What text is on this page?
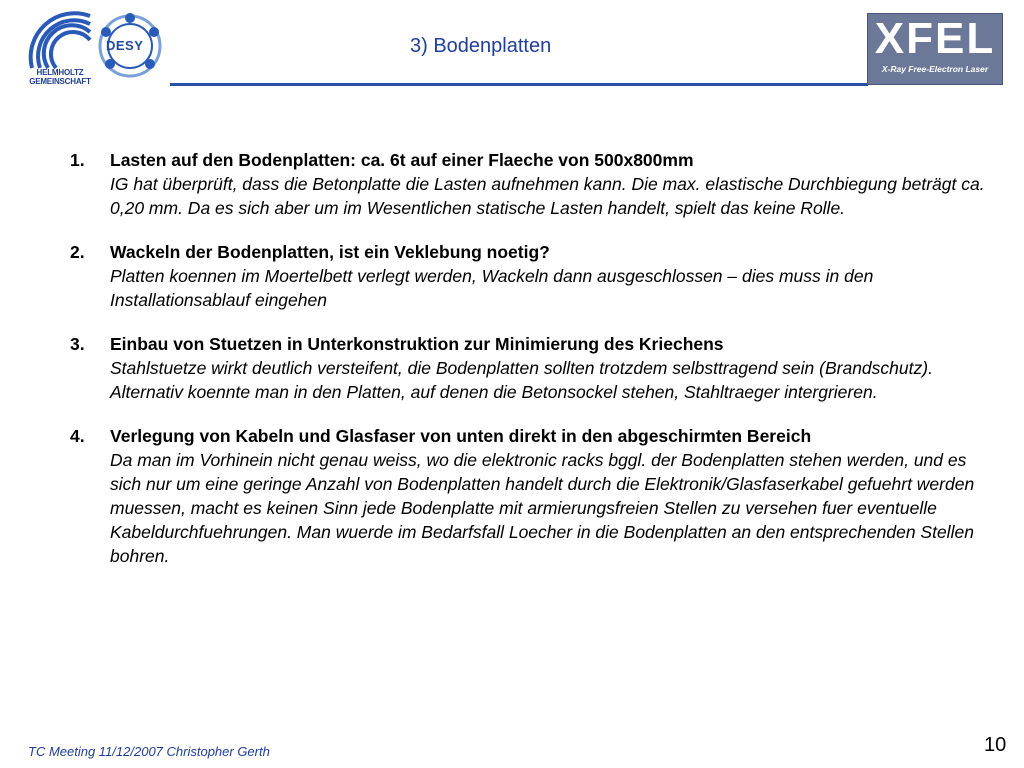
HELMHOLTZ
GEMEINSCHAFT
DESY	3) Bodenplatten	XFEL
X-Ray Free-Electron Laser
1.	Lasten auf den Bodenplatten: ca. 6t auf einer Flaeche von 500x800mm
IG hat überprüft, dass die Betonplatte die Lasten aufnehmen kann. Die max. elastische Durchbiegung beträgt ca. 0,20 mm. Da es sich aber um im Wesentlichen statische Lasten handelt, spielt das keine Rolle.
2.	Wackeln der Bodenplatten, ist ein Veklebung noetig?
Platten koennen im Moertelbett verlegt werden, Wackeln dann ausgeschlossen – dies muss in den Installationsablauf eingehen
3.	Einbau von Stuetzen in Unterkonstruktion zur Minimierung des Kriechens
Stahlstuetze wirkt deutlich versteifent, die Bodenplatten sollten trotzdem selbsttragend sein (Brandschutz). Alternativ koennte man in den Platten, auf denen die Betonsockel stehen, Stahltraeger intergrieren.
4.	Verlegung von Kabeln und Glasfaser von unten direkt in den abgeschirmten Bereich
Da man im Vorhinein nicht genau weiss, wo die elektronic racks bggl. der Bodenplatten stehen werden, und es sich nur um eine geringe Anzahl von Bodenplatten handelt durch die Elektronik/Glasfaserkabel gefuehrt werden muessen, macht es keinen Sinn jede Bodenplatte mit armierungsfreien Stellen zu versehen fuer eventuelle Kabeldurchfuehrungen. Man wuerde im Bedarfsfall Loecher in die Bodenplatten an den entsprechenden Stellen bohren.
TC Meeting 11/12/2007 Christopher Gerth	10
